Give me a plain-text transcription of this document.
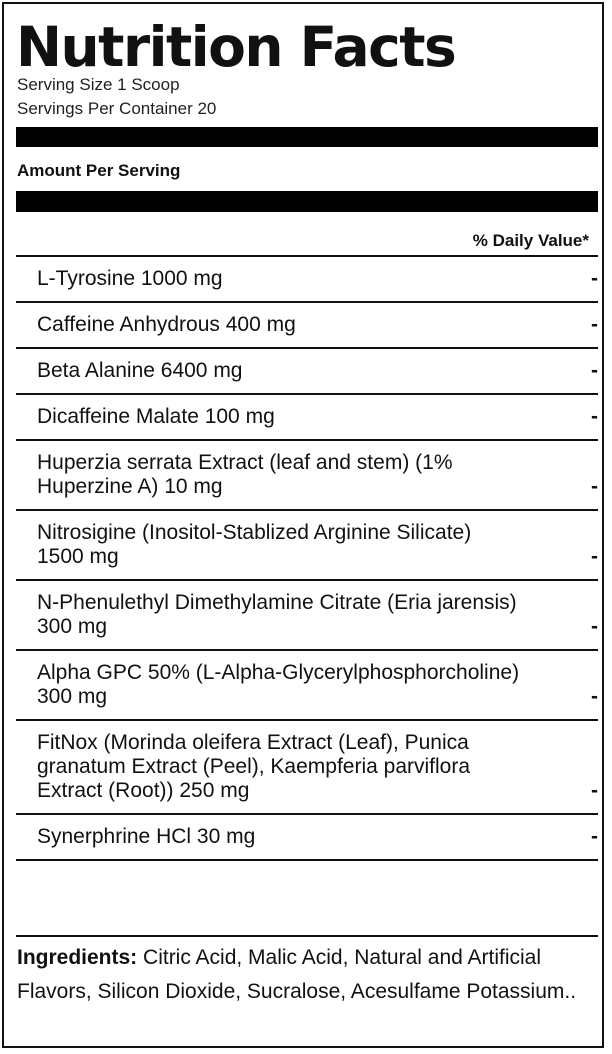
Nutrition Facts
Serving Size 1 Scoop
Servings Per Container 20
Amount Per Serving
% Daily Value*
L-Tyrosine 1000 mg	-
Caffeine Anhydrous 400 mg	-
Beta Alanine 6400 mg	-
Dicaffeine Malate 100 mg	-
Huperzia serrata Extract (leaf and stem) (1%
Huperzine A) 10 mg	-
Nitrosigine (Inositol-Stablized Arginine Silicate)
1500 mg	-
N-Phenulethyl Dimethylamine Citrate (Eria jarensis)
300 mg	-
Alpha GPC 50% (L-Alpha-Glycerylphosphorcholine)
300 mg	-
FitNox (Morinda oleifera Extract (Leaf), Punica
granatum Extract (Peel), Kaempferia parviflora
Extract (Root)) 250 mg	-
Synerphrine HCl 30 mg	-
Ingredients: Citric Acid, Malic Acid, Natural and Artificial Flavors, Silicon Dioxide, Sucralose, Acesulfame Potassium..
